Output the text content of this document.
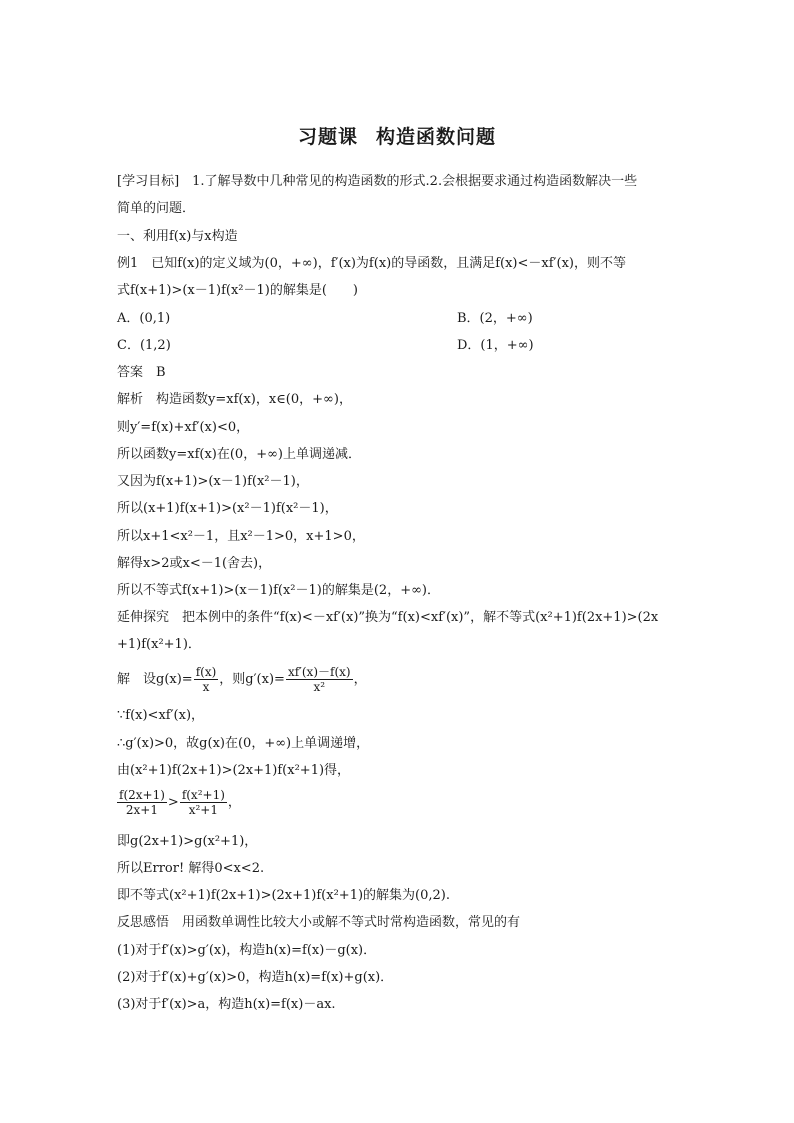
习题课 构造函数问题
[学习目标]　1.了解导数中几种常见的构造函数的形式.2.会根据要求通过构造函数解决一些
简单的问题．
一、利用f(x)与x构造
例1　已知f(x)的定义域为(0，+∞)，f′(x)为f(x)的导函数，且满足f(x)<－xf′(x)，则不等
式f(x+1)>(x－1)f(x²－1)的解集是(　　)
A．(0,1)	B．(2，+∞)
C．(1,2)	D．(1，+∞)
答案　B
解析　构造函数y=xf(x)，x∈(0，+∞)，
则y′=f(x)+xf′(x)<0，
所以函数y=xf(x)在(0，+∞)上单调递减．
又因为f(x+1)>(x－1)f(x²－1)，
所以(x+1)f(x+1)>(x²－1)f(x²－1)，
所以x+1<x²－1，且x²－1>0，x+1>0，
解得x>2或x<－1(舍去)，
所以不等式f(x+1)>(x－1)f(x²－1)的解集是(2，+∞)．
延伸探究　把本例中的条件“f(x)<－xf′(x)”换为“f(x)<xf′(x)”，解不等式(x²+1)f(2x+1)>(2x
+1)f(x²+1)．
解　设$g(x)= \frac{f(x)}{x}$ ，则$g'(x)= \frac{xf'(x)-f(x)}{\text{x²}}$ ，
∵f(x)<xf′(x)，
∴g′(x)>0，故g(x)在(0，+∞)上单调递增，
由(x²+1)f(2x+1)>(2x+1)f(x²+1)得，
$\frac{f(2x+1)}{2x+1} > \frac{\text{f(x²+1)}}{\text{x²+1}}$ ，
即g(2x+1)>g(x²+1)，
所以Error! 解得0<x<2.
即不等式(x²+1)f(2x+1)>(2x+1)f(x²+1)的解集为(0,2).
反思感悟　用函数单调性比较大小或解不等式时常构造函数，常见的有
(1)对于f′(x)>g′(x)，构造h(x)=f(x)－g(x)．
(2)对于f′(x)+g′(x)>0，构造h(x)=f(x)+g(x)．
(3)对于f′(x)>a，构造h(x)=f(x)－ax.
